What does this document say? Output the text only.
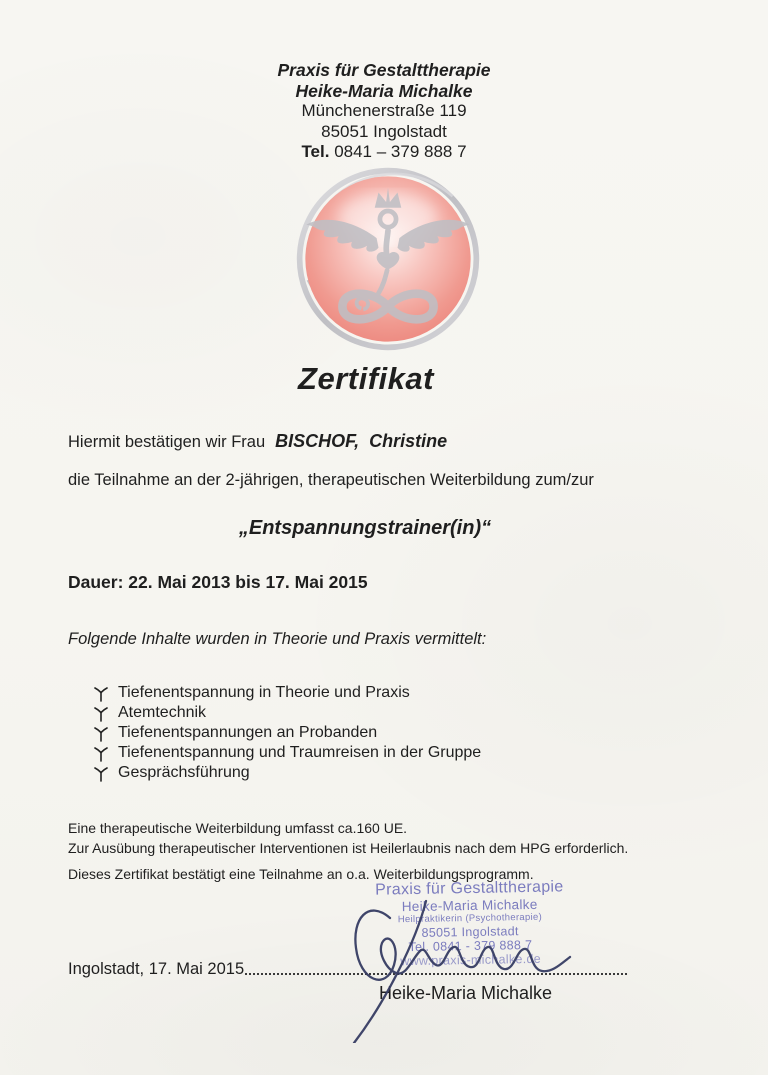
Praxis für Gestalttherapie
Heike-Maria Michalke
Münchenerstraße 119
85051 Ingolstadt
Tel. 0841 – 379 888 7
Zertifikat
Hiermit bestätigen wir Frau BISCHOF,  Christine
die Teilnahme an der 2-jährigen, therapeutischen Weiterbildung zum/zur
„Entspannungstrainer(in)“
Dauer: 22. Mai 2013 bis 17. Mai 2015
Folgende Inhalte wurden in Theorie und Praxis vermittelt:
Tiefenentspannung in Theorie und Praxis
Atemtechnik
Tiefenentspannungen an Probanden
Tiefenentspannung und Traumreisen in der Gruppe
Gesprächsführung
Eine therapeutische Weiterbildung umfasst ca.160 UE.
Zur Ausübung therapeutischer Interventionen ist Heilerlaubnis nach dem HPG erforderlich.
Dieses Zertifikat bestätigt eine Teilnahme an o.a. Weiterbildungsprogramm.
Praxis für Gestalttherapie
Heike-Maria Michalke
Heilpraktikerin (Psychotherapie)
85051 Ingolstadt
Tel. 0841 - 379 888 7
www.praxis-michalke.de
Ingolstadt, 17. Mai 2015
Heike-Maria Michalke
